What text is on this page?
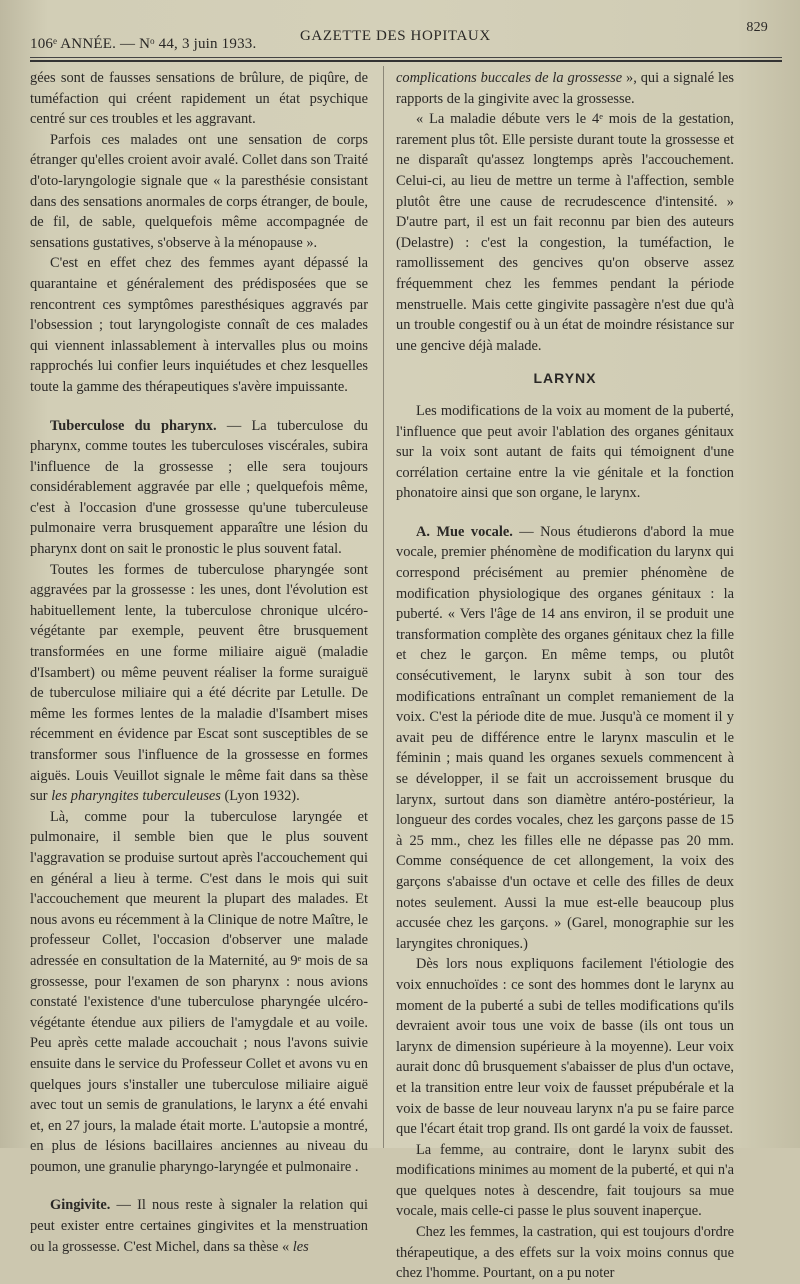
106ᵉ ANNÉE. — Nᵒ 44, 3 juin 1933.	GAZETTE DES HOPITAUX
829

gées sont de fausses sensations de brûlure, de piqûre, de tuméfaction qui créent rapidement un état psychique centré sur ces troubles et les aggravant.

Parfois ces malades ont une sensation de corps étranger qu'elles croient avoir avalé. Collet dans son Traité d'oto-laryngologie signale que « la paresthésie consistant dans des sensations anormales de corps étranger, de boule, de fil, de sable, quelquefois même accompagnée de sensations gustatives, s'observe à la ménopause ».

C'est en effet chez des femmes ayant dépassé la quarantaine et généralement des prédisposées que se rencontrent ces symptômes paresthésiques aggravés par l'obsession ; tout laryngologiste connaît de ces malades qui viennent inlassablement à intervalles plus ou moins rapprochés lui confier leurs inquiétudes et chez lesquelles toute la gamme des thérapeutiques s'avère impuissante.

Tuberculose du pharynx. — La tuberculose du pharynx, comme toutes les tuberculoses viscérales, subira l'influence de la grossesse ; elle sera toujours considérablement aggravée par elle ; quelquefois même, c'est à l'occasion d'une grossesse qu'une tuberculeuse pulmonaire verra brusquement apparaître une lésion du pharynx dont on sait le pronostic le plus souvent fatal.

Toutes les formes de tuberculose pharyngée sont aggravées par la grossesse : les unes, dont l'évolution est habituellement lente, la tuberculose chronique ulcéro-végétante par exemple, peuvent être brusquement transformées en une forme miliaire aiguë (maladie d'Isambert) ou même peuvent réaliser la forme suraiguë de tuberculose miliaire qui a été décrite par Letulle. De même les formes lentes de la maladie d'Isambert mises récemment en évidence par Escat sont susceptibles de se transformer sous l'influence de la grossesse en formes aiguës. Louis Veuillot signale le même fait dans sa thèse sur les pharyngites tuberculeuses (Lyon 1932).

Là, comme pour la tuberculose laryngée et pulmonaire, il semble bien que le plus souvent l'aggravation se produise surtout après l'accouchement qui en général a lieu à terme. C'est dans le mois qui suit l'accouchement que meurent la plupart des malades. Et nous avons eu récemment à la Clinique de notre Maître, le professeur Collet, l'occasion d'observer une malade adressée en consultation de la Maternité, au 9ᵉ mois de sa grossesse, pour l'examen de son pharynx : nous avions constaté l'existence d'une tuberculose pharyngée ulcéro-végétante étendue aux piliers de l'amygdale et au voile. Peu après cette malade accouchait ; nous l'avons suivie ensuite dans le service du Professeur Collet et avons vu en quelques jours s'installer une tuberculose miliaire aiguë avec tout un semis de granulations, le larynx a été envahi et, en 27 jours, la malade était morte. L'autopsie a montré, en plus de lésions bacillaires anciennes au niveau du poumon, une granulie pharyngo-laryngée et pulmonaire .

Gingivite. — Il nous reste à signaler la relation qui peut exister entre certaines gingivites et la menstruation ou la grossesse. C'est Michel, dans sa thèse « les

complications buccales de la grossesse », qui a signalé les rapports de la gingivite avec la grossesse.

« La maladie débute vers le 4ᵉ mois de la gestation, rarement plus tôt. Elle persiste durant toute la grossesse et ne disparaît qu'assez longtemps après l'accouchement. Celui-ci, au lieu de mettre un terme à l'affection, semble plutôt être une cause de recrudescence d'intensité. » D'autre part, il est un fait reconnu par bien des auteurs (Delastre) : c'est la congestion, la tuméfaction, le ramollissement des gencives qu'on observe assez fréquemment chez les femmes pendant la période menstruelle. Mais cette gingivite passagère n'est due qu'à un trouble congestif ou à un état de moindre résistance sur une gencive déjà malade.

LARYNX

Les modifications de la voix au moment de la puberté, l'influence que peut avoir l'ablation des organes génitaux sur la voix sont autant de faits qui témoignent d'une corrélation certaine entre la vie génitale et la fonction phonatoire ainsi que son organe, le larynx.

A. Mue vocale. — Nous étudierons d'abord la mue vocale, premier phénomène de modification du larynx qui correspond précisément au premier phénomène de modification physiologique des organes génitaux : la puberté. « Vers l'âge de 14 ans environ, il se produit une transformation complète des organes génitaux chez la fille et chez le garçon. En même temps, ou plutôt consécutivement, le larynx subit à son tour des modifications entraînant un complet remaniement de la voix. C'est la période dite de mue. Jusqu'à ce moment il y avait peu de différence entre le larynx masculin et le féminin ; mais quand les organes sexuels commencent à se développer, il se fait un accroissement brusque du larynx, surtout dans son diamètre antéro-postérieur, la longueur des cordes vocales, chez les garçons passe de 15 à 25 mm., chez les filles elle ne dépasse pas 20 mm. Comme conséquence de cet allongement, la voix des garçons s'abaisse d'un octave et celle des filles de deux notes seulement. Aussi la mue est-elle beaucoup plus accusée chez les garçons. » (Garel, monographie sur les laryngites chroniques.)

Dès lors nous expliquons facilement l'étiologie des voix ennuchoïdes : ce sont des hommes dont le larynx au moment de la puberté a subi de telles modifications qu'ils devraient avoir tous une voix de basse (ils ont tous un larynx de dimension supérieure à la moyenne). Leur voix aurait donc dû brusquement s'abaisser de plus d'un octave, et la transition entre leur voix de fausset prépubérale et la voix de basse de leur nouveau larynx n'a pu se faire parce que l'écart était trop grand. Ils ont gardé la voix de fausset.

La femme, au contraire, dont le larynx subit des modifications minimes au moment de la puberté, et qui n'a que quelques notes à descendre, fait toujours sa mue vocale, mais celle-ci passe le plus souvent inaperçue.

Chez les femmes, la castration, qui est toujours d'ordre thérapeutique, a des effets sur la voix moins connus que chez l'homme. Pourtant, on a pu noter
